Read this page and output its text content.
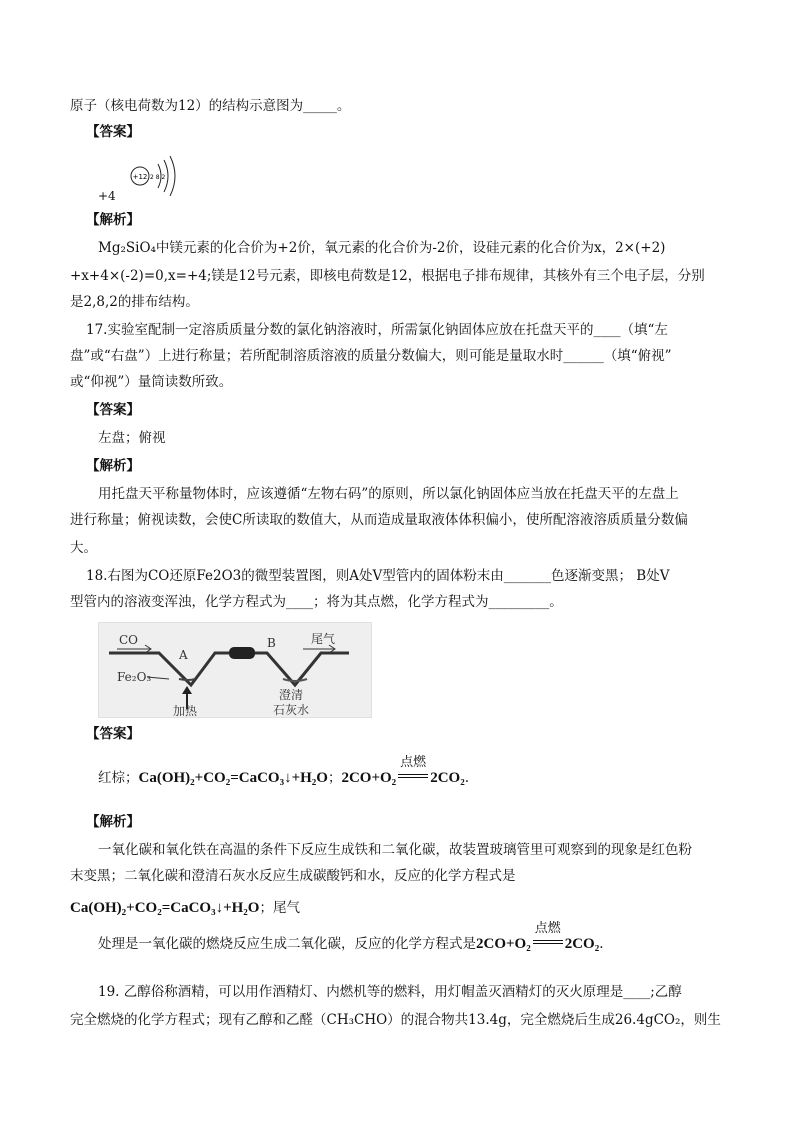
原子（核电荷数为12）的结构示意图为_____。
【答案】
+12 2 8 2
+4
【解析】
Mg₂SiO₄中镁元素的化合价为+2价，氧元素的化合价为-2价，设硅元素的化合价为x，2×(+2)
+x+4×(-2)=0,x=+4;镁是12号元素，即核电荷数是12，根据电子排布规律，其核外有三个电子层，分别
是2,8,2的排布结构。
17.实验室配制一定溶质质量分数的氯化钠溶液时，所需氯化钠固体应放在托盘天平的____（填“左
盘”或“右盘”）上进行称量；若所配制溶质溶液的质量分数偏大，则可能是量取水时______（填“俯视”
或“仰视”）量筒读数所致。
【答案】
左盘；俯视
【解析】
用托盘天平称量物体时，应该遵循“左物右码”的原则，所以氯化钠固体应当放在托盘天平的左盘上
进行称量；俯视读数，会使C所读取的数值大，从而造成量取液体体积偏小，使所配溶液溶质质量分数偏
大。
18.右图为CO还原Fe2O3的微型装置图，则A处V型管内的固体粉末由_______色逐渐变黑； B处V
型管内的溶液变浑浊，化学方程式为____；将为其点燃，化学方程式为_________。
CO
A
B	尾气
Fe₂O₃
加热
澄清
石灰水
【答案】
红棕；Ca(OH)₂+CO₂=CaCO₃↓+H₂O；2CO+O₂
点燃
2CO₂.
【解析】
一氧化碳和氧化铁在高温的条件下反应生成铁和二氧化碳，故装置玻璃管里可观察到的现象是红色粉
末变黑；二氧化碳和澄清石灰水反应生成碳酸钙和水，反应的化学方程式是
Ca(OH)₂+CO₂=CaCO₃↓+H₂O；尾气
处理是一氧化碳的燃烧反应生成二氧化碳，反应的化学方程式是2CO+O₂
点燃
2CO₂.
19. 乙醇俗称酒精，可以用作酒精灯、内燃机等的燃料，用灯帽盖灭酒精灯的灭火原理是____;乙醇
完全燃烧的化学方程式；现有乙醇和乙醛（CH₃CHO）的混合物共13.4g，完全燃烧后生成26.4gCO₂，则生
